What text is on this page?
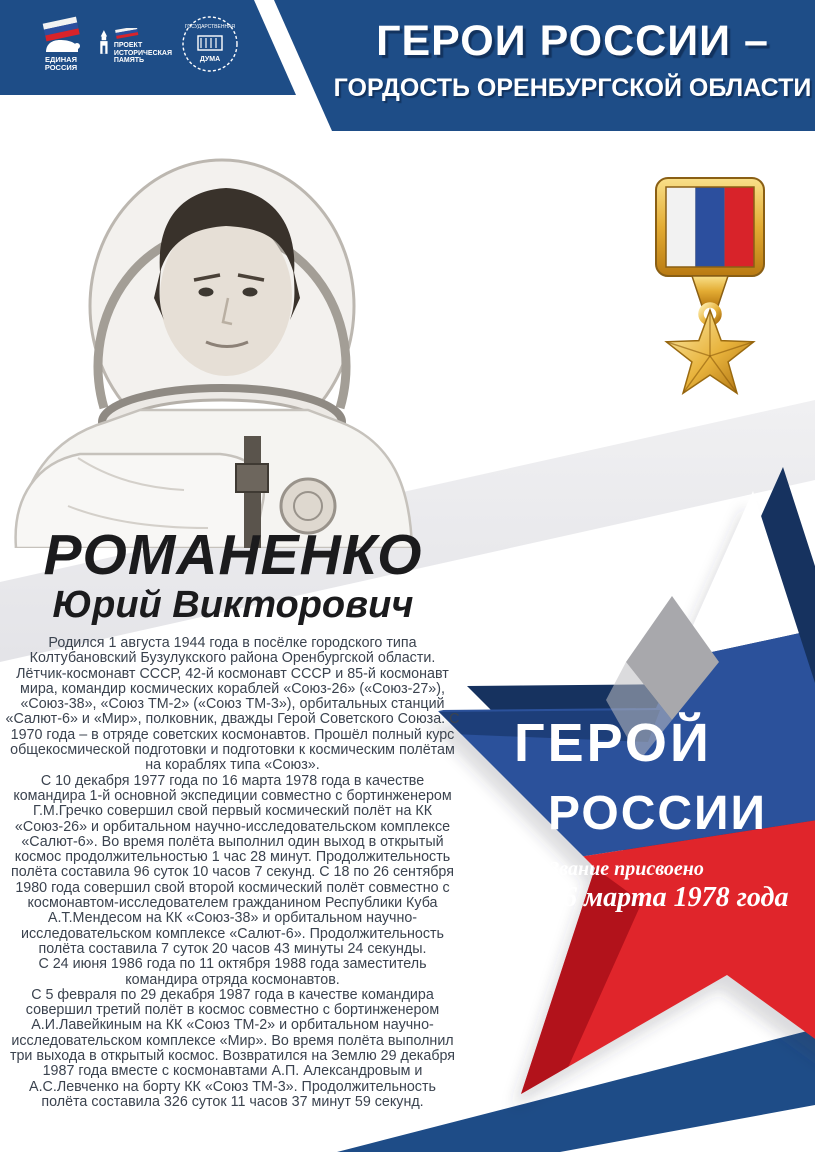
ГЕРОИ РОССИИ –
ГОРДОСТЬ ОРЕНБУРГСКОЙ ОБЛАСТИ
ЕДИНАЯ РОССИЯ
ПРОЕКТ ИСТОРИЧЕСКАЯ ПАМЯТЬ
ГОСУДАРСТВЕННАЯ
ДУМА
РОМАНЕНКО
Юрий Викторович

Родился 1 августа 1944 года в посёлке городского типа Колтубановский Бузулукского района Оренбургской области. Лётчик-космонавт СССР, 42-й космонавт СССР и 85-й космонавт мира, командир космических кораблей «Союз-26» («Союз-27»), «Союз-38», «Союз ТМ-2» («Союз ТМ-3»), орбитальных станций «Салют-6» и «Мир», полковник, дважды Герой Советского Союза. С 1970 года – в отряде советских космонавтов. Прошёл полный курс общекосмической подготовки и подготовки к космическим полётам на кораблях типа «Союз».

С 10 декабря 1977 года по 16 марта 1978 года в качестве командира 1-й основной экспедиции совместно с бортинженером Г.М.Гречко совершил свой первый космический полёт на КК «Союз-26» и орбитальном научно-исследовательском комплексе «Салют-6». Во время полёта выполнил один выход в открытый космос продолжительностью 1 час 28 минут. Продолжительность полёта составила 96 суток 10 часов 7 секунд. С 18 по 26 сентября 1980 года совершил свой второй космический полёт совместно с космонавтом-исследователем гражданином Республики Куба А.Т.Мендесом на КК «Союз-38» и орбитальном научно-исследовательском комплексе «Салют-6». Продолжительность полёта составила 7 суток 20 часов 43 минуты 24 секунды.

С 24 июня 1986 года по 11 октября 1988 года заместитель командира отряда космонавтов.

С 5 февраля по 29 декабря 1987 года в качестве командира совершил третий полёт в космос совместно с бортинженером А.И.Лавейкиным на КК «Союз ТМ-2» и орбитальном научно-исследовательском комплексе «Мир». Во время полёта выполнил три выхода в открытый космос. Возвратился на Землю 29 декабря 1987 года вместе с космонавтами А.П. Александровым и А.С.Левченко на борту КК «Союз ТМ-3». Продолжительность полёта составила 326 суток 11 часов 37 минут 59 секунд.

ГЕРОЙ
РОССИИ
Звание присвоено
16 марта 1978 года
